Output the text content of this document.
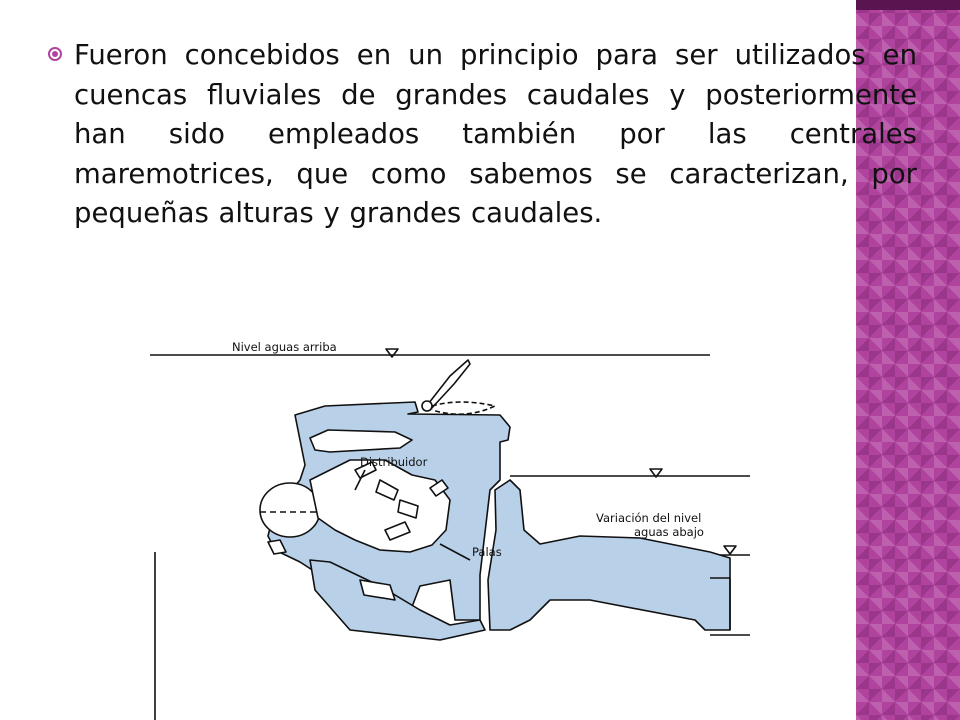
Fueron concebidos en un principio para ser utilizados en cuencas fluviales de grandes caudales y posteriormente han sido empleados también por las centrales maremotrices, que como sabemos se caracterizan, por pequeñas alturas y grandes caudales.
Nivel aguas arriba
Distribuidor
Variación del nivel
aguas abajo
Palas
